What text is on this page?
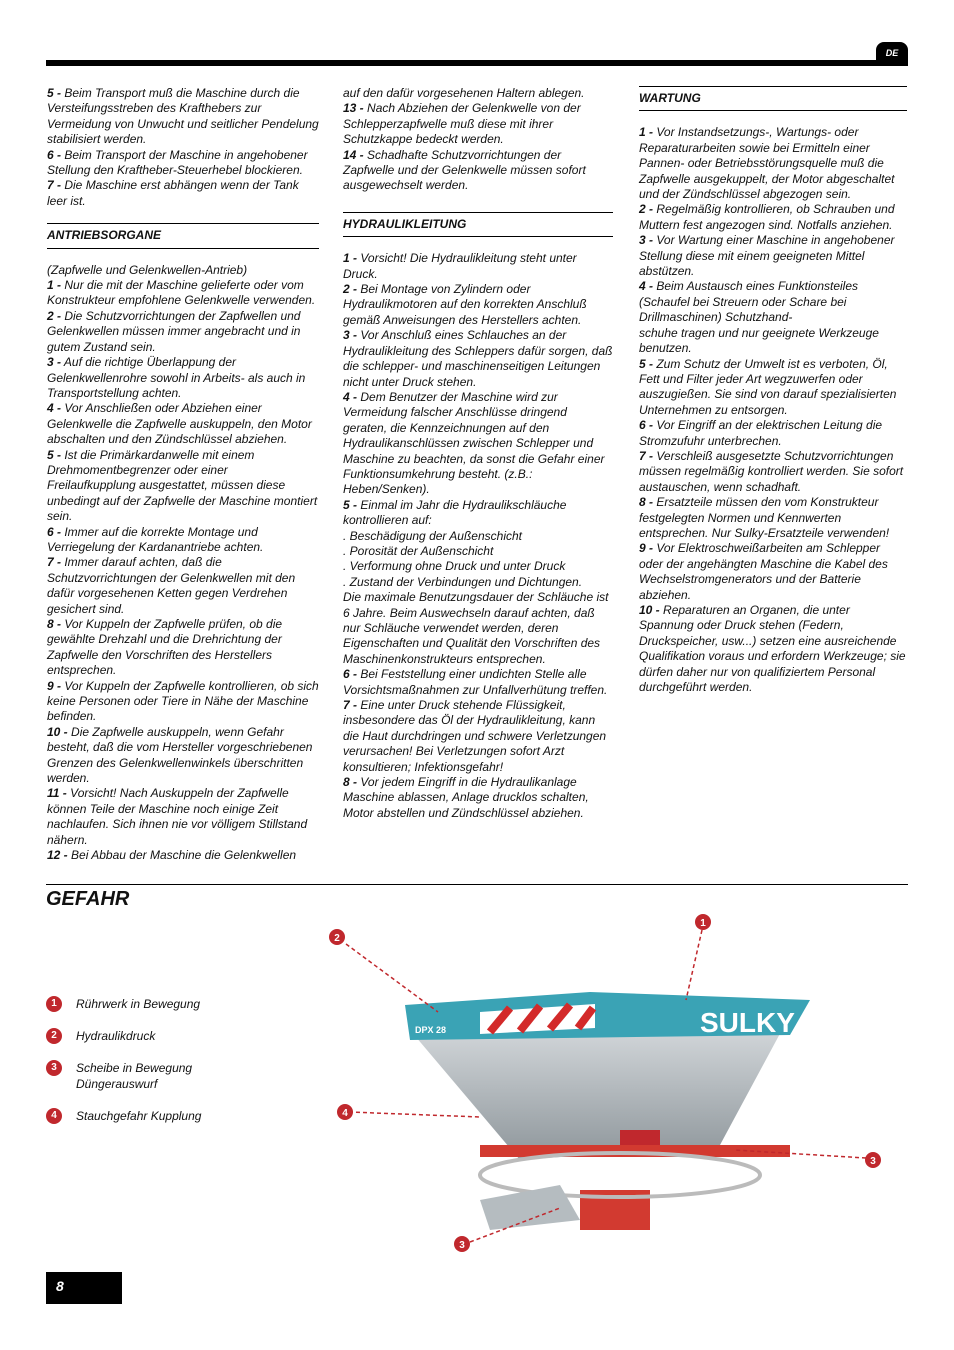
DE

5 - Beim Transport muß die Maschine durch die Versteifungsstreben des Krafthebers zur Vermeidung von Unwucht und seitlicher Pendelung stabilisiert werden.

6 - Beim Transport der Maschine in angehobener Stellung den Kraftheber-Steuerhebel blockieren.

7 - Die Maschine erst abhängen wenn der Tank leer ist.

ANTRIEBSORGANE

(Zapfwelle und Gelenkwellen-Antrieb)

1 - Nur die mit der Maschine gelieferte oder vom Konstrukteur empfohlene Gelenkwelle verwenden.

2 - Die Schutzvorrichtungen der Zapfwellen und Gelenkwellen müssen immer angebracht und in gutem Zustand sein.

3 - Auf die richtige Überlappung der Gelenkwellenrohre sowohl in Arbeits- als auch in Transportstellung achten.

4 - Vor Anschließen oder Abziehen einer Gelenkwelle die Zapfwelle auskuppeln, den Motor abschalten und den Zündschlüssel abziehen.

5 - Ist die Primärkardanwelle mit einem Drehmomentbegrenzer oder einer Freilaufkupplung ausgestattet, müssen diese unbedingt auf der Zapfwelle der Maschine montiert sein.

6 - Immer auf die korrekte Montage und Verriegelung der Kardanantriebe achten.

7 - Immer darauf achten, daß die Schutzvorrichtungen der Gelenkwellen mit den dafür vorgesehenen Ketten gegen Verdrehen gesichert sind.

8 - Vor Kuppeln der Zapfwelle prüfen, ob die gewählte Drehzahl und die Drehrichtung der Zapfwelle den Vorschriften des Herstellers entsprechen.

9 - Vor Kuppeln der Zapfwelle kontrollieren, ob sich keine Personen oder Tiere in Nähe der Maschine befinden.

10 - Die Zapfwelle auskuppeln, wenn Gefahr besteht, daß die vom Hersteller vorgeschriebenen Grenzen des Gelenkwellenwinkels überschritten werden.

11 - Vorsicht! Nach Auskuppeln der Zapfwelle können Teile der Maschine noch einige Zeit nachlaufen. Sich ihnen nie vor völligem Stillstand nähern.

12 - Bei Abbau der Maschine die Gelenkwellen

auf den dafür vorgesehenen Haltern ablegen.

13 - Nach Abziehen der Gelenkwelle von der Schlepperzapfwelle muß diese mit ihrer Schutzkappe bedeckt werden.

14 - Schadhafte Schutzvorrichtungen der Zapfwelle und der Gelenkwelle müssen sofort ausgewechselt werden.

HYDRAULIKLEITUNG

1 - Vorsicht! Die Hydraulikleitung steht unter Druck.

2 - Bei Montage von Zylindern oder Hydraulikmotoren auf den korrekten Anschluß gemäß Anweisungen des Herstellers achten.

3 - Vor Anschluß eines Schlauches an der Hydraulikleitung des Schleppers dafür sorgen, daß die schlepper- und maschinenseitigen Leitungen nicht unter Druck stehen.

4 - Dem Benutzer der Maschine wird zur Vermeidung falscher Anschlüsse dringend geraten, die Kennzeichnungen auf den Hydraulikanschlüssen zwischen Schlepper und Maschine zu beachten, da sonst die Gefahr einer Funktionsumkehrung besteht. (z.B.: Heben/Senken).

5 - Einmal im Jahr die Hydraulikschläuche kontrollieren auf:

. Beschädigung der Außenschicht

. Porosität der Außenschicht

. Verformung ohne Druck und unter Druck

. Zustand der Verbindungen und Dichtungen.

Die maximale Benutzungsdauer der Schläuche ist 6 Jahre. Beim Auswechseln darauf achten, daß nur Schläuche verwendet werden, deren Eigenschaften und Qualität den Vorschriften des Maschinenkonstrukteurs entsprechen.

6 - Bei Feststellung einer undichten Stelle alle Vorsichtsmaßnahmen zur Unfallverhütung treffen.

7 - Eine unter Druck stehende Flüssigkeit, insbesondere das Öl der Hydraulikleitung, kann die Haut durchdringen und schwere Verletzungen verursachen! Bei Verletzungen sofort Arzt konsultieren; Infektionsgefahr!

8 - Vor jedem Eingriff in die Hydraulikanlage Maschine ablassen, Anlage drucklos schalten, Motor abstellen und Zündschlüssel abziehen.

WARTUNG

1 - Vor Instandsetzungs-, Wartungs- oder Reparaturarbeiten sowie bei Ermitteln einer Pannen- oder Betriebsstörungsquelle muß die Zapfwelle ausgekuppelt, der Motor abgeschaltet und der Zündschlüssel abgezogen sein.

2 - Regelmäßig kontrollieren, ob Schrauben und Muttern fest angezogen sind. Notfalls anziehen.

3 - Vor Wartung einer Maschine in angehobener Stellung diese mit einem geeigneten Mittel abstützen.

4 - Beim Austausch eines Funktionsteiles (Schaufel bei Streuern oder Schare bei Drillmaschinen) Schutzhand-

schuhe tragen und nur geeignete Werkzeuge benutzen.

5 - Zum Schutz der Umwelt ist es verboten, Öl, Fett und Filter jeder Art wegzuwerfen oder auszugießen. Sie sind von darauf spezialisierten Unternehmen zu entsorgen.

6 - Vor Eingriff an der elektrischen Leitung die Stromzufuhr unterbrechen.

7 - Verschleiß ausgesetzte Schutzvorrichtungen müssen regelmäßig kontrolliert werden. Sie sofort austauschen, wenn schadhaft.

8 - Ersatzteile müssen den vom Konstrukteur festgelegten Normen und Kennwerten entsprechen. Nur Sulky-Ersatzteile verwenden!

9 - Vor Elektroschweißarbeiten am Schlepper oder der angehängten Maschine die Kabel des Wechselstromgenerators und der Batterie abziehen.

10 - Reparaturen an Organen, die unter Spannung oder Druck stehen (Federn, Druckspeicher, usw...) setzen eine ausreichende Qualifikation voraus und erfordern Werkzeuge; sie dürfen daher nur von qualifiziertem Personal durchgeführt werden.

GEFAHR
1	Rührwerk in Bewegung
2	Hydraulikdruck
3	Scheibe in Bewegung
Düngerauswurf
4	Stauchgefahr Kupplung
SULKY
DPX 28
1
2
3
3
4
8
